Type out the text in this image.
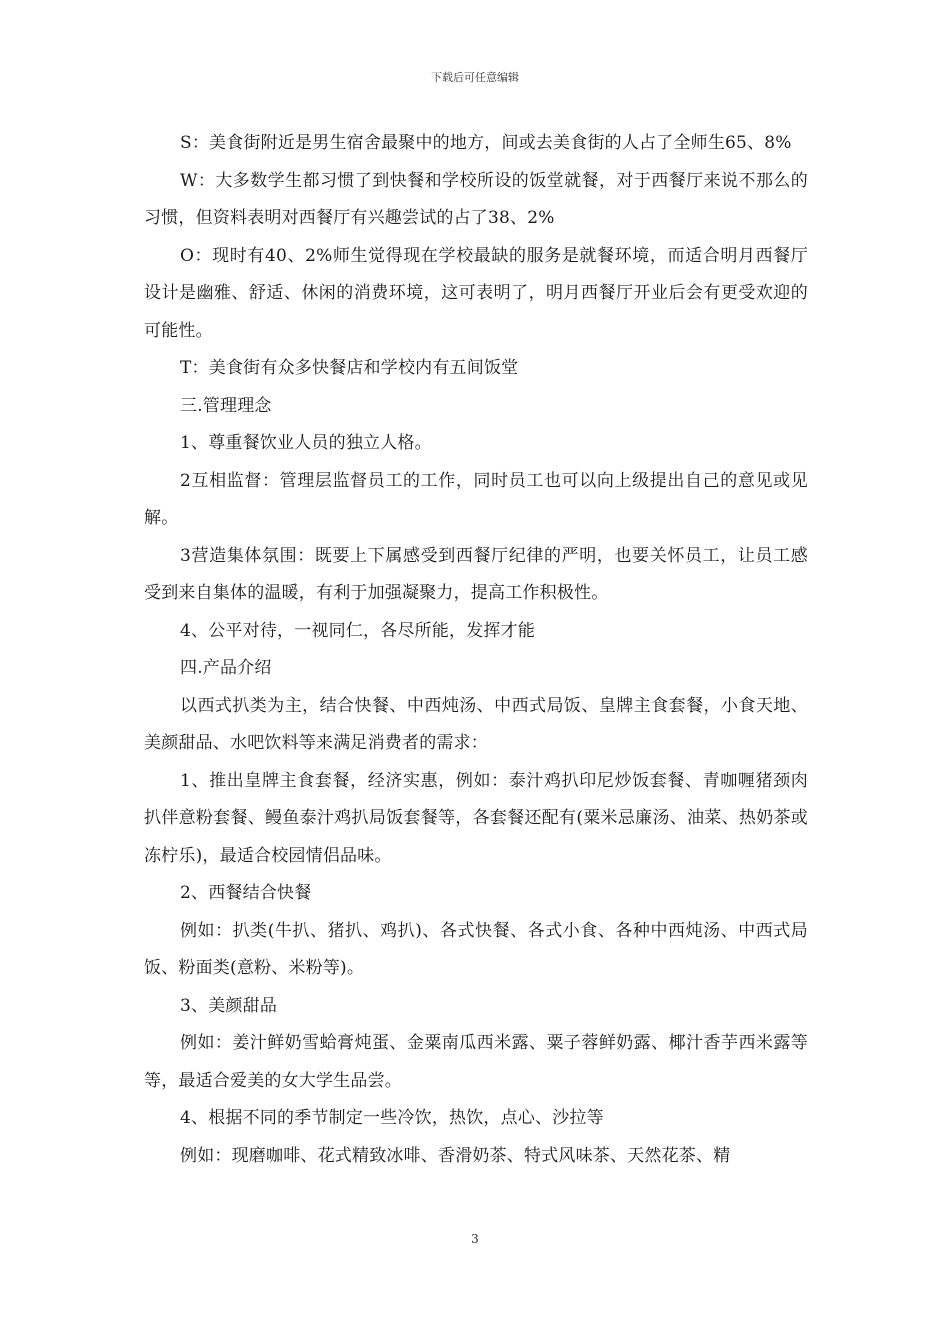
下载后可任意编辑

S：美食街附近是男生宿舍最聚中的地方，间或去美食街的人占了全师生65、8%

W：大多数学生都习惯了到快餐和学校所设的饭堂就餐，对于西餐厅来说不那么的习惯，但资料表明对西餐厅有兴趣尝试的占了38、2%

O：现时有40、2%师生觉得现在学校最缺的服务是就餐环境，而适合明月西餐厅设计是幽雅、舒适、休闲的消费环境，这可表明了，明月西餐厅开业后会有更受欢迎的可能性。

T：美食街有众多快餐店和学校内有五间饭堂

三.管理理念

1、尊重餐饮业人员的独立人格。

2互相监督：管理层监督员工的工作，同时员工也可以向上级提出自己的意见或见解。

3营造集体氛围：既要上下属感受到西餐厅纪律的严明，也要关怀员工，让员工感受到来自集体的温暖，有利于加强凝聚力，提高工作积极性。

4、公平对待，一视同仁，各尽所能，发挥才能

四.产品介绍

以西式扒类为主，结合快餐、中西炖汤、中西式局饭、皇牌主食套餐，小食天地、美颜甜品、水吧饮料等来满足消费者的需求：

1、推出皇牌主食套餐，经济实惠，例如：泰汁鸡扒印尼炒饭套餐、青咖喱猪颈肉扒伴意粉套餐、鳗鱼泰汁鸡扒局饭套餐等，各套餐还配有(粟米忌廉汤、油菜、热奶茶或冻柠乐)，最适合校园情侣品味。

2、西餐结合快餐

例如：扒类(牛扒、猪扒、鸡扒)、各式快餐、各式小食、各种中西炖汤、中西式局饭、粉面类(意粉、米粉等)。

3、美颜甜品

例如：姜汁鲜奶雪蛤膏炖蛋、金粟南瓜西米露、粟子蓉鲜奶露、椰汁香芋西米露等等，最适合爱美的女大学生品尝。

4、根据不同的季节制定一些冷饮，热饮，点心、沙拉等

例如：现磨咖啡、花式精致冰啡、香滑奶茶、特式风味茶、天然花茶、精

3
